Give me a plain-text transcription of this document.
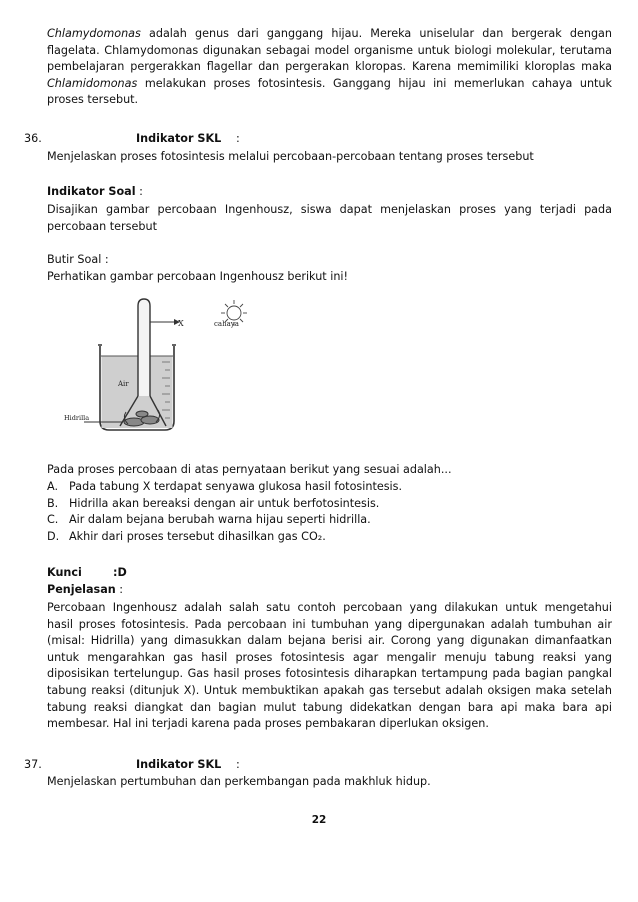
Chlamydomonas adalah genus dari ganggang hijau. Mereka uniselular dan bergerak dengan
flagelata. Chlamydomonas digunakan sebagai model organisme untuk biologi molekular, terutama
pembelajaran pergerakkan flagellar dan pergerakan kloropas. Karena memimiliki kloroplas maka
Chlamidomonas melakukan proses fotosintesis. Ganggang hijau ini memerlukan cahaya untuk
proses tersebut.
36.	Indikator SKL :
Menjelaskan proses fotosintesis melalui percobaan-percobaan tentang proses tersebut
Indikator Soal :
Disajikan gambar percobaan Ingenhousz, siswa dapat menjelaskan proses yang terjadi pada
percobaan tersebut
Butir Soal :
Perhatikan gambar percobaan Ingenhousz berikut ini!
X	cahaya
Air
Hidrilla
Pada proses percobaan di atas pernyataan berikut yang sesuai adalah...
A. Pada tabung X terdapat senyawa glukosa hasil fotosintesis.
B. Hidrilla akan bereaksi dengan air untuk berfotosintesis.
C. Air dalam bejana berubah warna hijau seperti hidrilla.
D. Akhir dari proses tersebut dihasilkan gas CO₂.
Kunci	:D
Penjelasan :
Percobaan Ingenhousz adalah salah satu contoh percobaan yang dilakukan untuk mengetahui
hasil proses fotosintesis. Pada percobaan ini tumbuhan yang dipergunakan adalah tumbuhan air
(misal: Hidrilla) yang dimasukkan dalam bejana berisi air. Corong yang digunakan dimanfaatkan
untuk mengarahkan gas hasil proses fotosintesis agar mengalir menuju tabung reaksi yang
diposisikan tertelungup. Gas hasil proses fotosintesis diharapkan tertampung pada bagian pangkal
tabung reaksi (ditunjuk X). Untuk membuktikan apakah gas tersebut adalah oksigen maka setelah
tabung reaksi diangkat dan bagian mulut tabung didekatkan dengan bara api maka bara api
membesar. Hal ini terjadi karena pada proses pembakaran diperlukan oksigen.
37.	Indikator SKL :
Menjelaskan pertumbuhan dan perkembangan pada makhluk hidup.
22
